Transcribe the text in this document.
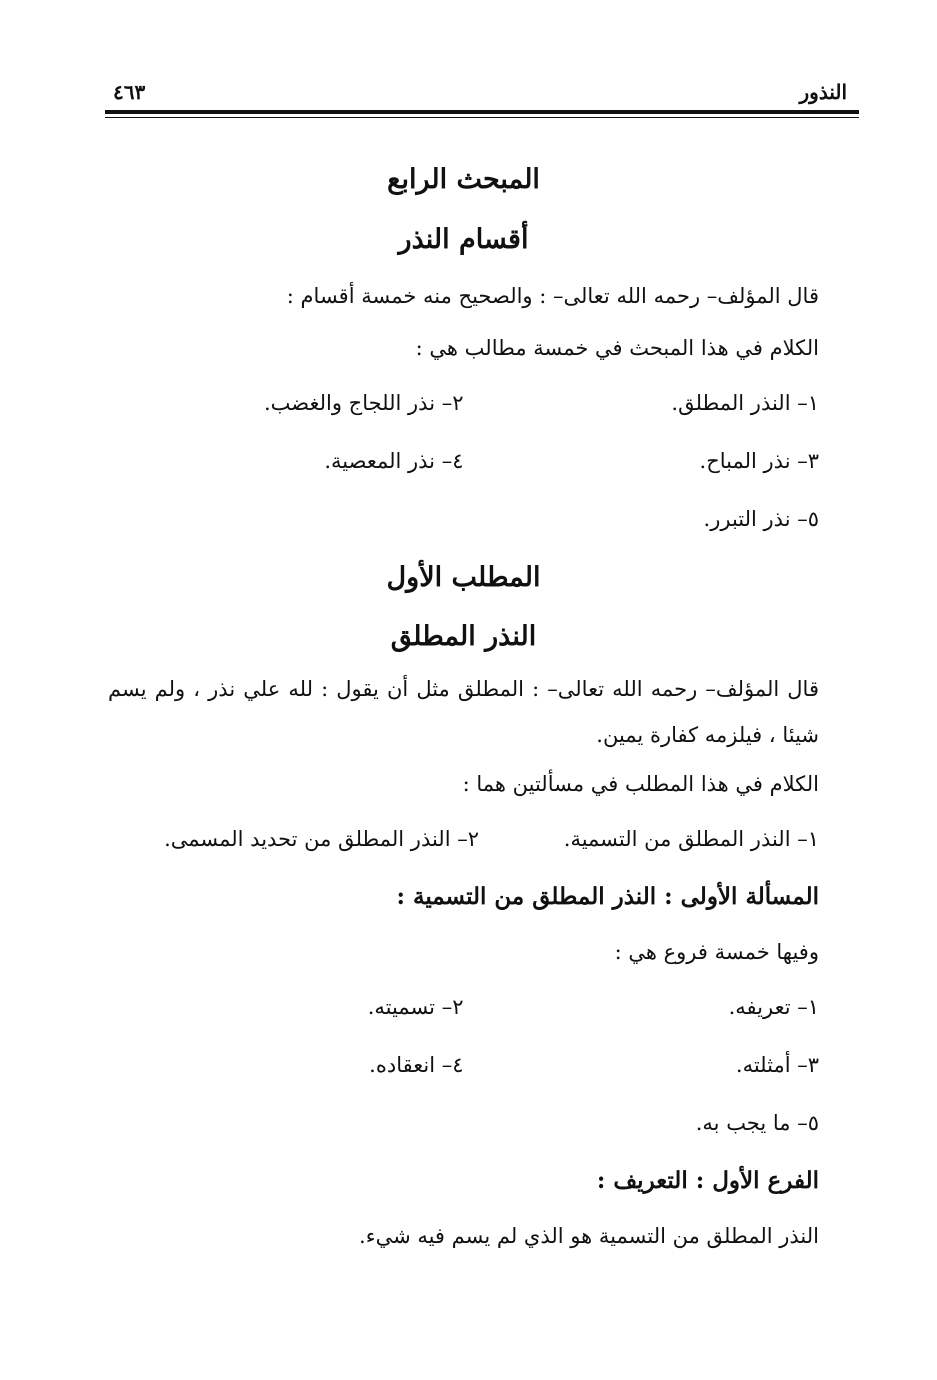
النذور
٤٦٣
المبحث الرابع
أقسام النذر

قال المؤلف– رحمه الله تعالى– : والصحيح منه خمسة أقسام :

الكلام في هذا المبحث في خمسة مطالب هي :

١– النذر المطلق.
٢– نذر اللجاج والغضب.
٣– نذر المباح.
٤– نذر المعصية.
٥– نذر التبرر.
المطلب الأول
النذر المطلق

قال المؤلف– رحمه الله تعالى– : المطلق مثل أن يقول : لله علي نذر ، ولم يسم شيئا ، فيلزمه كفارة يمين.

الكلام في هذا المطلب في مسألتين هما :

١– النذر المطلق من التسمية.
٢– النذر المطلق من تحديد المسمى.
المسألة الأولى : النذر المطلق من التسمية :

وفيها خمسة فروع هي :

١– تعريفه.
٢– تسميته.
٣– أمثلته.
٤– انعقاده.
٥– ما يجب به.
الفرع الأول : التعريف :

النذر المطلق من التسمية هو الذي لم يسم فيه شيء.
